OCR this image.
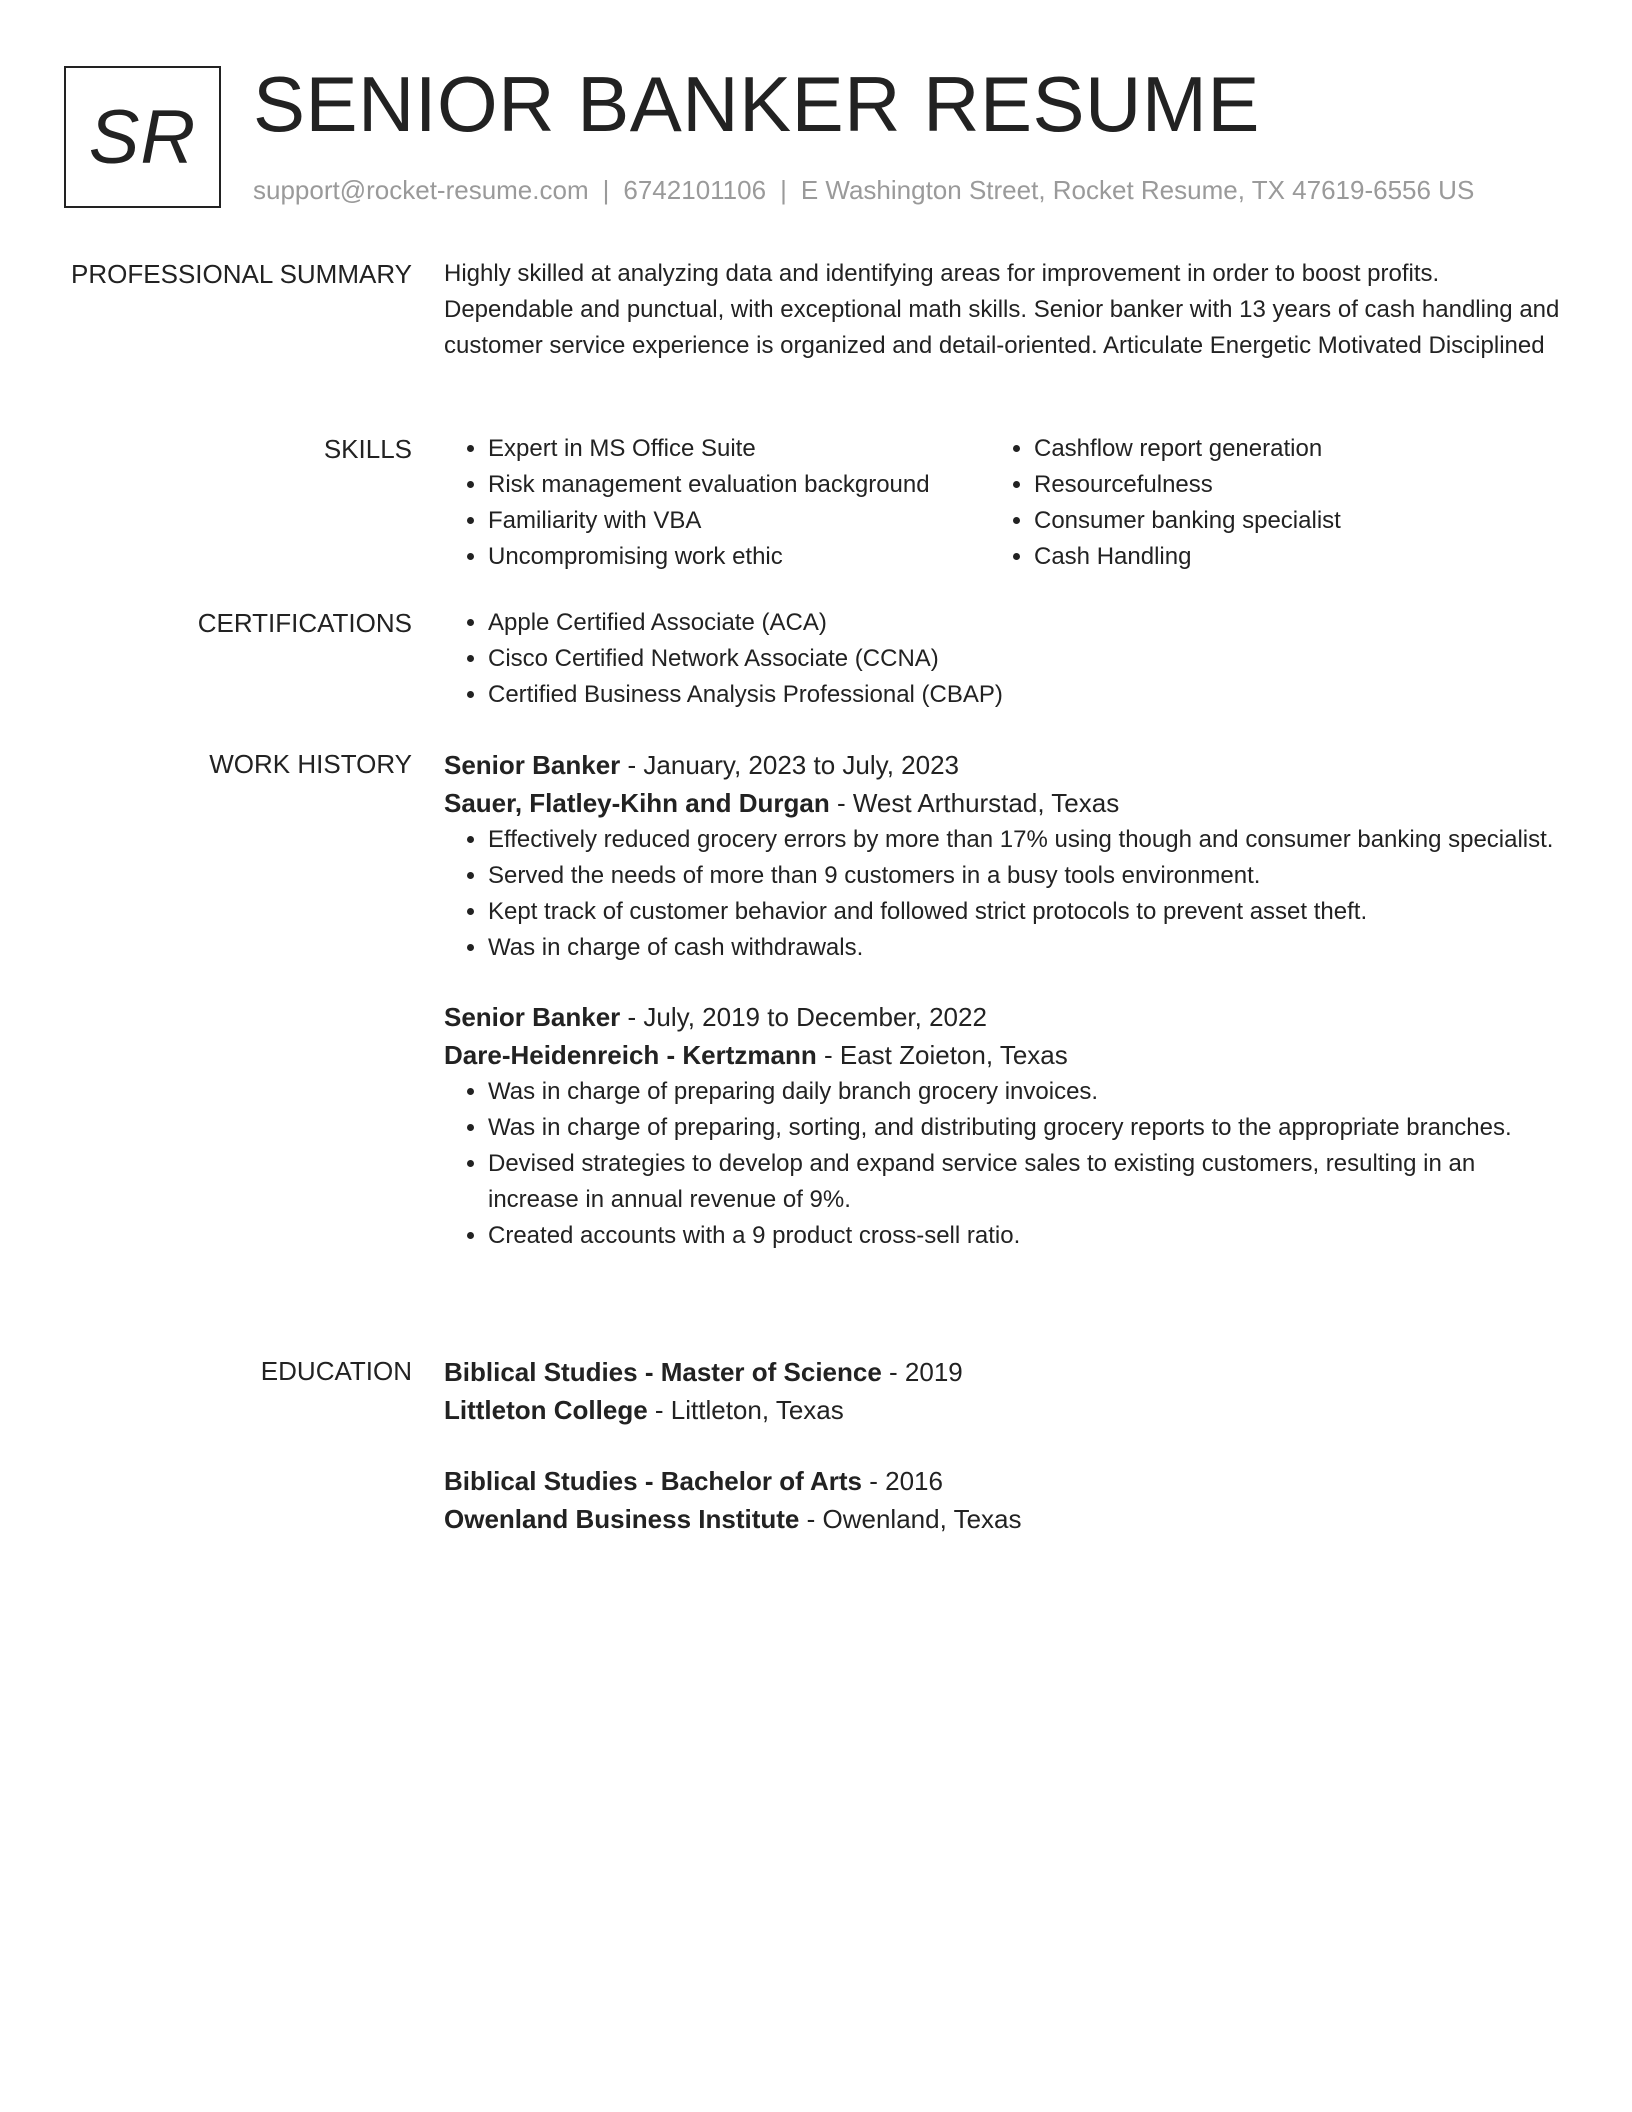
SR SENIOR BANKER RESUME
support@rocket-resume.com | 6742101106 | E Washington Street, Rocket Resume, TX 47619-6556 US
PROFESSIONAL SUMMARY Highly skilled at analyzing data and identifying areas for improvement in order to boost profits. Dependable and punctual, with exceptional math skills. Senior banker with 13 years of cash handling and customer service experience is organized and detail-oriented. Articulate Energetic Motivated Disciplined
SKILLS	• Expert in MS Office Suite
• Risk management evaluation background
• Familiarity with VBA
• Uncompromising work ethic
• Cashflow report generation
• Resourcefulness
• Consumer banking specialist
• Cash Handling
CERTIFICATIONS	• Apple Certified Associate (ACA)
• Cisco Certified Network Associate (CCNA)
• Certified Business Analysis Professional (CBAP)
WORK HISTORY Senior Banker - January, 2023 to July, 2023
Sauer, Flatley-Kihn and Durgan - West Arthurstad, Texas
• Effectively reduced grocery errors by more than 17% using though and consumer banking specialist.
• Served the needs of more than 9 customers in a busy tools environment.
• Kept track of customer behavior and followed strict protocols to prevent asset theft.
• Was in charge of cash withdrawals.
Senior Banker - July, 2019 to December, 2022
Dare-Heidenreich - Kertzmann - East Zoieton, Texas
• Was in charge of preparing daily branch grocery invoices.
• Was in charge of preparing, sorting, and distributing grocery reports to the appropriate branches.
• Devised strategies to develop and expand service sales to existing customers, resulting in an increase in annual revenue of 9%.
• Created accounts with a 9 product cross-sell ratio.
EDUCATION Biblical Studies - Master of Science - 2019
Littleton College - Littleton, Texas
Biblical Studies - Bachelor of Arts - 2016
Owenland Business Institute - Owenland, Texas
